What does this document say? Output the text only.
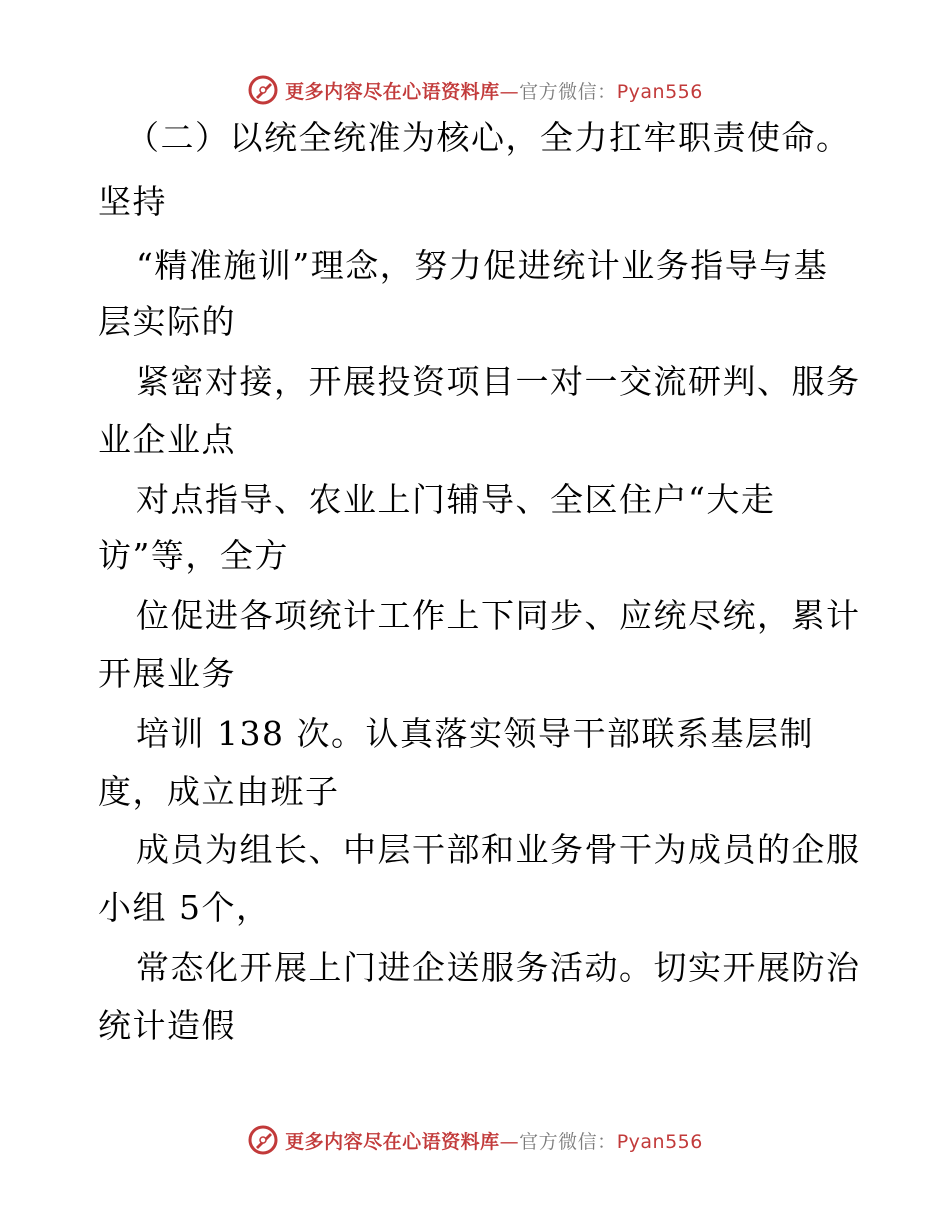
更多内容尽在心语资料库—官方微信：Pyan556
（二）以统全统准为核心，全力扛牢职责使命。
坚持
“精准施训”理念，努力促进统计业务指导与基
层实际的
紧密对接，开展投资项目一对一交流研判、服务
业企业点
对点指导、农业上门辅导、全区住户“大走
访”等，全方
位促进各项统计工作上下同步、应统尽统，累计
开展业务
培训 138 次。认真落实领导干部联系基层制
度，成立由班子
成员为组长、中层干部和业务骨干为成员的企服
小组 5个，
常态化开展上门进企送服务活动。切实开展防治
统计造假
更多内容尽在心语资料库—官方微信：Pyan556
